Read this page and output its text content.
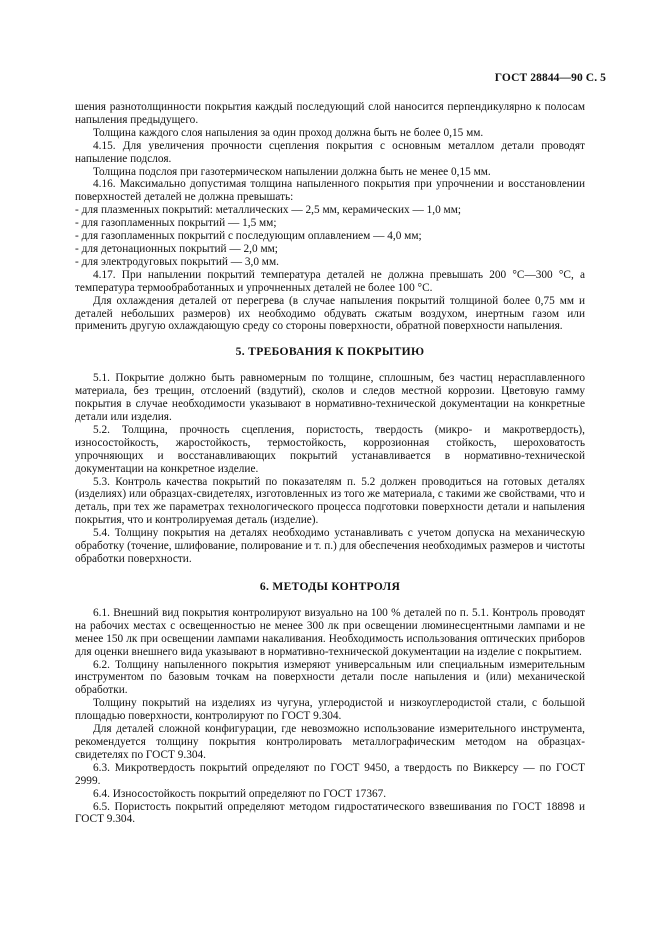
ГОСТ 28844—90 С. 5

шения разнотолщинности покрытия каждый последующий слой наносится перпендикулярно к полосам напыления предыдущего.

Толщина каждого слоя напыления за один проход должна быть не более 0,15 мм.

4.15. Для увеличения прочности сцепления покрытия с основным металлом детали проводят напыление подслоя.

Толщина подслоя при газотермическом напылении должна быть не менее 0,15 мм.

4.16. Максимально допустимая толщина напыленного покрытия при упрочнении и восстановлении поверхностей деталей не должна превышать:

- для плазменных покрытий: металлических — 2,5 мм, керамических — 1,0 мм;

- для газопламенных покрытий — 1,5 мм;

- для газопламенных покрытий с последующим оплавлением — 4,0 мм;

- для детонационных покрытий — 2,0 мм;

- для электродуговых покрытий — 3,0 мм.

4.17. При напылении покрытий температура деталей не должна превышать 200 °С—300 °С, а температура термообработанных и упрочненных деталей не более 100 °С.

Для охлаждения деталей от перегрева (в случае напыления покрытий толщиной более 0,75 мм и деталей небольших размеров) их необходимо обдувать сжатым воздухом, инертным газом или применить другую охлаждающую среду со стороны поверхности, обратной поверхности напыления.

5. ТРЕБОВАНИЯ К ПОКРЫТИЮ

5.1. Покрытие должно быть равномерным по толщине, сплошным, без частиц нерасплавленного материала, без трещин, отслоений (вздутий), сколов и следов местной коррозии. Цветовую гамму покрытия в случае необходимости указывают в нормативно-технической документации на конкретные детали или изделия.

5.2. Толщина, прочность сцепления, пористость, твердость (микро- и макротвердость), износостойкость, жаростойкость, термостойкость, коррозионная стойкость, шероховатость упрочняющих и восстанавливающих покрытий устанавливается в нормативно-технической документации на конкретное изделие.

5.3. Контроль качества покрытий по показателям п. 5.2 должен проводиться на готовых деталях (изделиях) или образцах-свидетелях, изготовленных из того же материала, с такими же свойствами, что и деталь, при тех же параметрах технологического процесса подготовки поверхности детали и напыления покрытия, что и контролируемая деталь (изделие).

5.4. Толщину покрытия на деталях необходимо устанавливать с учетом допуска на механическую обработку (точение, шлифование, полирование и т. п.) для обеспечения необходимых размеров и чистоты обработки поверхности.

6. МЕТОДЫ КОНТРОЛЯ

6.1. Внешний вид покрытия контролируют визуально на 100 % деталей по п. 5.1. Контроль проводят на рабочих местах с освещенностью не менее 300 лк при освещении люминесцентными лампами и не менее 150 лк при освещении лампами накаливания. Необходимость использования оптических приборов для оценки внешнего вида указывают в нормативно-технической документации на изделие с покрытием.

6.2. Толщину напыленного покрытия измеряют универсальным или специальным измерительным инструментом по базовым точкам на поверхности детали после напыления и (или) механической обработки.

Толщину покрытий на изделиях из чугуна, углеродистой и низкоуглеродистой стали, с большой площадью поверхности, контролируют по ГОСТ 9.304.

Для деталей сложной конфигурации, где невозможно использование измерительного инструмента, рекомендуется толщину покрытия контролировать металлографическим методом на образцах-свидетелях по ГОСТ 9.304.

6.3. Микротвердость покрытий определяют по ГОСТ 9450, а твердость по Виккерсу — по ГОСТ 2999.

6.4. Износостойкость покрытий определяют по ГОСТ 17367.

6.5. Пористость покрытий определяют методом гидростатического взвешивания по ГОСТ 18898 и ГОСТ 9.304.
